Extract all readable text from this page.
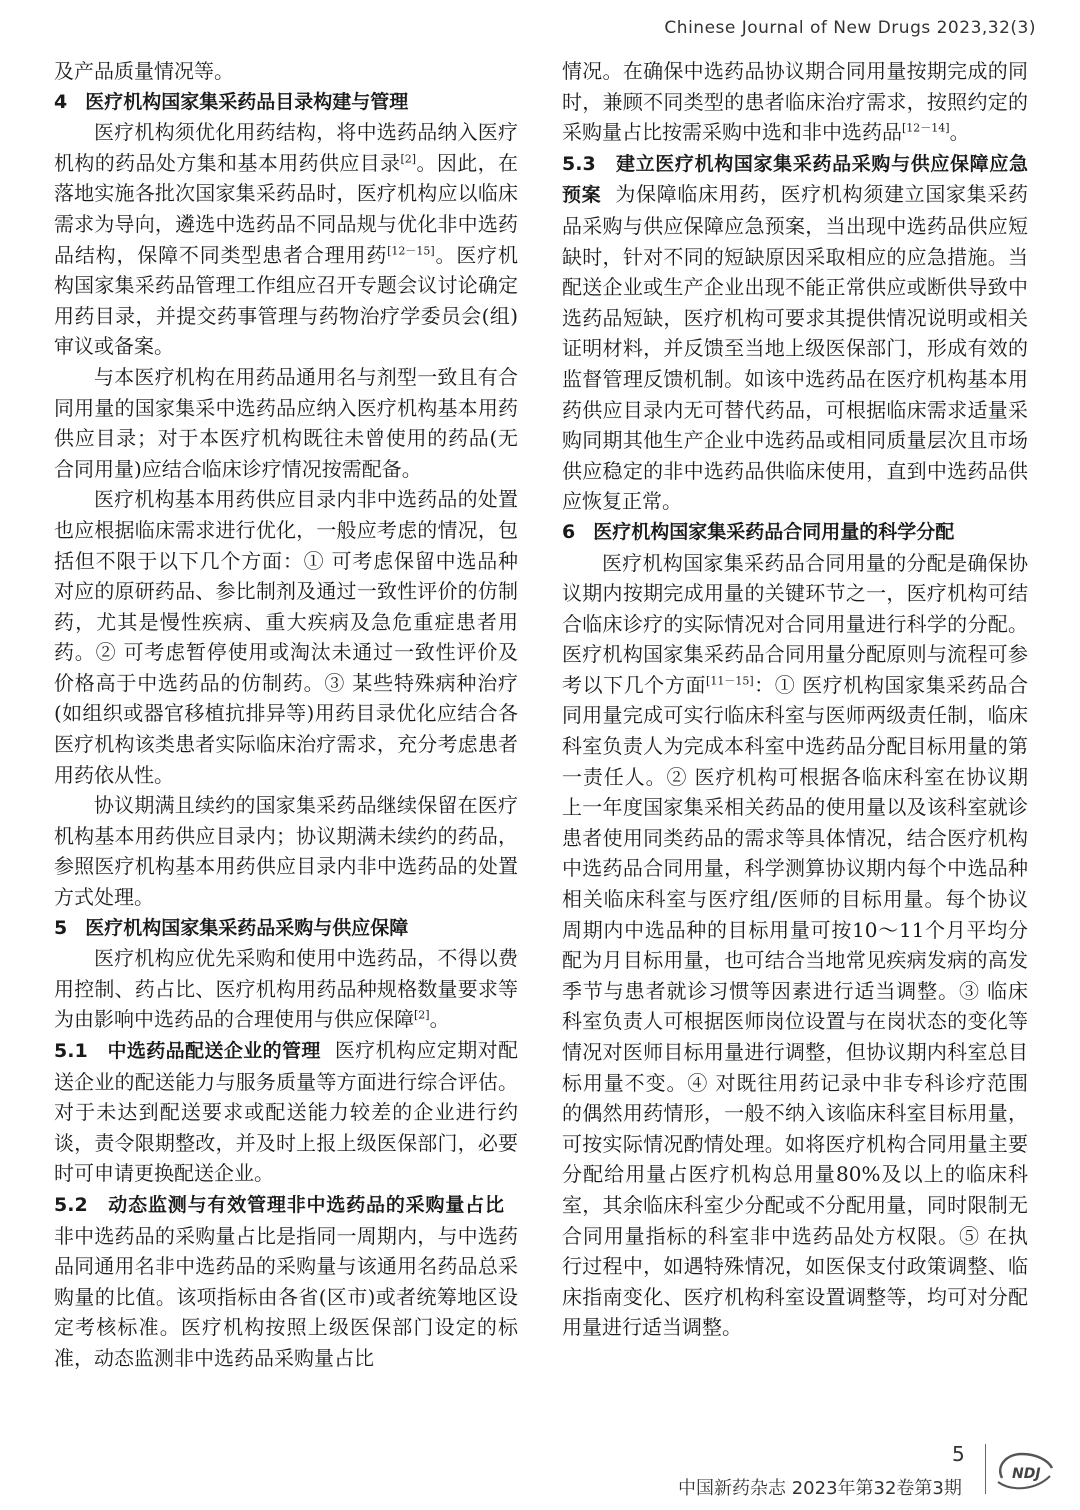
Chinese Journal of New Drugs 2023,32(3)

及产品质量情况等。

4 医疗机构国家集采药品目录构建与管理

医疗机构须优化用药结构，将中选药品纳入医疗机构的药品处方集和基本用药供应目录[2]。因此，在落地实施各批次国家集采药品时，医疗机构应以临床需求为导向，遴选中选药品不同品规与优化非中选药品结构，保障不同类型患者合理用药[12－15]。医疗机构国家集采药品管理工作组应召开专题会议讨论确定用药目录，并提交药事管理与药物治疗学委员会(组)审议或备案。

与本医疗机构在用药品通用名与剂型一致且有合同用量的国家集采中选药品应纳入医疗机构基本用药供应目录；对于本医疗机构既往未曾使用的药品(无合同用量)应结合临床诊疗情况按需配备。

医疗机构基本用药供应目录内非中选药品的处置也应根据临床需求进行优化，一般应考虑的情况，包括但不限于以下几个方面：① 可考虑保留中选品种对应的原研药品、参比制剂及通过一致性评价的仿制药，尤其是慢性疾病、重大疾病及急危重症患者用药。② 可考虑暂停使用或淘汰未通过一致性评价及价格高于中选药品的仿制药。③ 某些特殊病种治疗(如组织或器官移植抗排异等)用药目录优化应结合各医疗机构该类患者实际临床治疗需求，充分考虑患者用药依从性。

协议期满且续约的国家集采药品继续保留在医疗机构基本用药供应目录内；协议期满未续约的药品，参照医疗机构基本用药供应目录内非中选药品的处置方式处理。

5 医疗机构国家集采药品采购与供应保障

医疗机构应优先采购和使用中选药品，不得以费用控制、药占比、医疗机构用药品种规格数量要求等为由影响中选药品的合理使用与供应保障[2]。

5.1　中选药品配送企业的管理 医疗机构应定期对配送企业的配送能力与服务质量等方面进行综合评估。对于未达到配送要求或配送能力较差的企业进行约谈，责令限期整改，并及时上报上级医保部门，必要时可申请更换配送企业。

5.2　动态监测与有效管理非中选药品的采购量占比非中选药品的采购量占比是指同一周期内，与中选药品同通用名非中选药品的采购量与该通用名药品总采购量的比值。该项指标由各省(区市)或者统筹地区设定考核标准。医疗机构按照上级医保部门设定的标准，动态监测非中选药品采购量占比

情况。在确保中选药品协议期合同用量按期完成的同时，兼顾不同类型的患者临床治疗需求，按照约定的采购量占比按需采购中选和非中选药品[12－14]。

5.3　建立医疗机构国家集采药品采购与供应保障应急预案 为保障临床用药，医疗机构须建立国家集采药品采购与供应保障应急预案，当出现中选药品供应短缺时，针对不同的短缺原因采取相应的应急措施。当配送企业或生产企业出现不能正常供应或断供导致中选药品短缺，医疗机构可要求其提供情况说明或相关证明材料，并反馈至当地上级医保部门，形成有效的监督管理反馈机制。如该中选药品在医疗机构基本用药供应目录内无可替代药品，可根据临床需求适量采购同期其他生产企业中选药品或相同质量层次且市场供应稳定的非中选药品供临床使用，直到中选药品供应恢复正常。

6 医疗机构国家集采药品合同用量的科学分配

医疗机构国家集采药品合同用量的分配是确保协议期内按期完成用量的关键环节之一，医疗机构可结合临床诊疗的实际情况对合同用量进行科学的分配。医疗机构国家集采药品合同用量分配原则与流程可参考以下几个方面[11－15]：① 医疗机构国家集采药品合同用量完成可实行临床科室与医师两级责任制，临床科室负责人为完成本科室中选药品分配目标用量的第一责任人。② 医疗机构可根据各临床科室在协议期上一年度国家集采相关药品的使用量以及该科室就诊患者使用同类药品的需求等具体情况，结合医疗机构中选药品合同用量，科学测算协议期内每个中选品种相关临床科室与医疗组/医师的目标用量。每个协议周期内中选品种的目标用量可按10～11个月平均分配为月目标用量，也可结合当地常见疾病发病的高发季节与患者就诊习惯等因素进行适当调整。③ 临床科室负责人可根据医师岗位设置与在岗状态的变化等情况对医师目标用量进行调整，但协议期内科室总目标用量不变。④ 对既往用药记录中非专科诊疗范围的偶然用药情形，一般不纳入该临床科室目标用量，可按实际情况酌情处理。如将医疗机构合同用量主要分配给用量占医疗机构总用量80%及以上的临床科室，其余临床科室少分配或不分配用量，同时限制无合同用量指标的科室非中选药品处方权限。⑤ 在执行过程中，如遇特殊情况，如医保支付政策调整、临床指南变化、医疗机构科室设置调整等，均可对分配用量进行适当调整。

5
中国新药杂志 2023年第32卷第3期
NDJ
